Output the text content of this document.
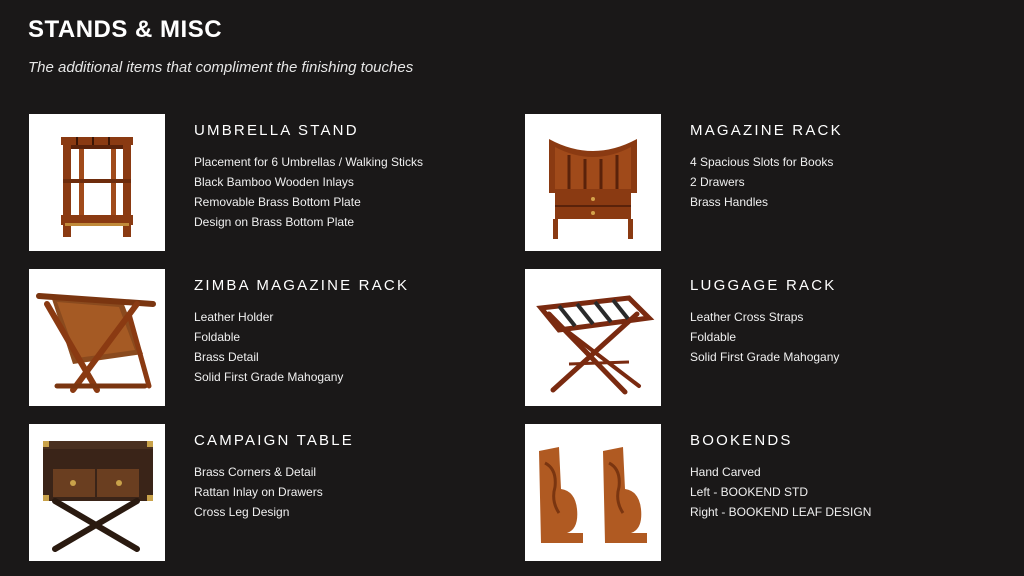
STANDS & MISC
The additional items that compliment the finishing touches
UMBRELLA STAND
Placement for 6 Umbrellas / Walking Sticks
Black Bamboo Wooden Inlays
Removable Brass Bottom Plate
Design on Brass Bottom Plate
MAGAZINE RACK
4 Spacious Slots for Books
2 Drawers
Brass Handles
ZIMBA MAGAZINE RACK
Leather Holder
Foldable
Brass Detail
Solid First Grade Mahogany
LUGGAGE RACK
Leather Cross Straps
Foldable
Solid First Grade Mahogany
CAMPAIGN TABLE
Brass Corners & Detail
Rattan Inlay on Drawers
Cross Leg Design
BOOKENDS
Hand Carved
Left - BOOKEND STD
Right - BOOKEND LEAF DESIGN
